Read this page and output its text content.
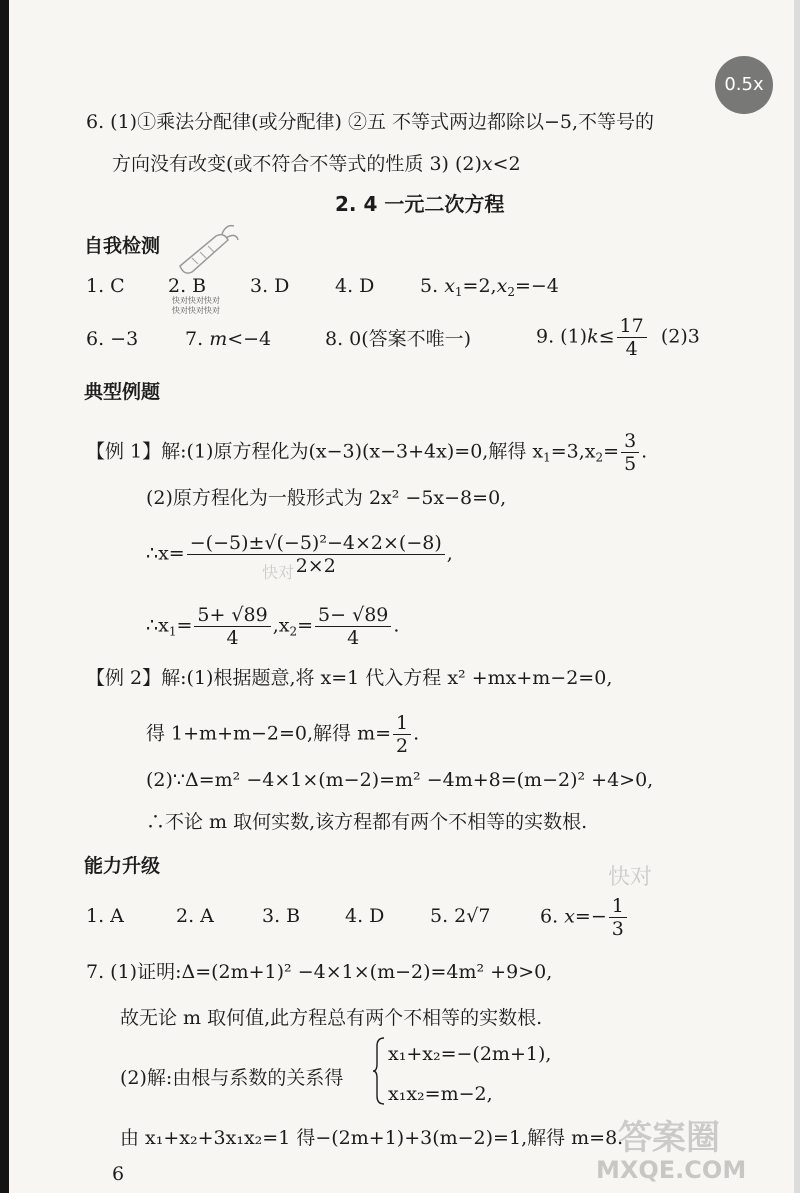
0.5x
6. (1)①乘法分配律(或分配律) ②五 不等式两边都除以−5,不等号的
方向没有改变(或不符合不等式的性质 3) (2)x<2
2. 4 一元二次方程
自我检测
快对快对快对
快对快对快对
1. C 2. B 3. D 4. D 5. $x_1=2,x_2=-4$
6. −3 7. m<−4	8. 0(答案不唯一)	9. $(1)k\le \frac{17}{4} (2)3$
典型例题
【例 1】解:(1)原方程化为(x−3)(x−3+4x)=0,解得 $x_1=3,x_2= \frac{3}{5}$ .
(2)原方程化为一般形式为 2x² −5x−8=0,
∴x= $\frac{\text{−(−5)±√(−5)²−4×2×(−8)}}{2\times 2}$ ,
$\therefore x_1= \frac{5+ √89}{4} ,x_2= \frac{5- √89}{4}$ .
【例 2】解:(1)根据题意,将 x=1 代入方程 x² +mx+m−2=0,
得 1+m+m−2=0,解得 $m= \frac{1}{2}$ .
(2)∵Δ=m² −4×1×(m−2)=m² −4m+8=(m−2)² +4>0,
∴不论 m 取何实数,该方程都有两个不相等的实数根.
能力升级	快对
快对
1. A	2. A	3. B 4. D 5. 2√7	6. $x=- \frac{1}{3}$
7. (1)证明:Δ=(2m+1)² −4×1×(m−2)=4m² +9>0,
故无论 m 取何值,此方程总有两个不相等的实数根.
(2)解:由根与系数的关系得
x₁+x₂=−(2m+1),
x₁x₂=m−2,
由 x₁+x₂+3x₁x₂=1 得−(2m+1)+3(m−2)=1,解得 m=8.
答案圈
MXQE.COM
6
